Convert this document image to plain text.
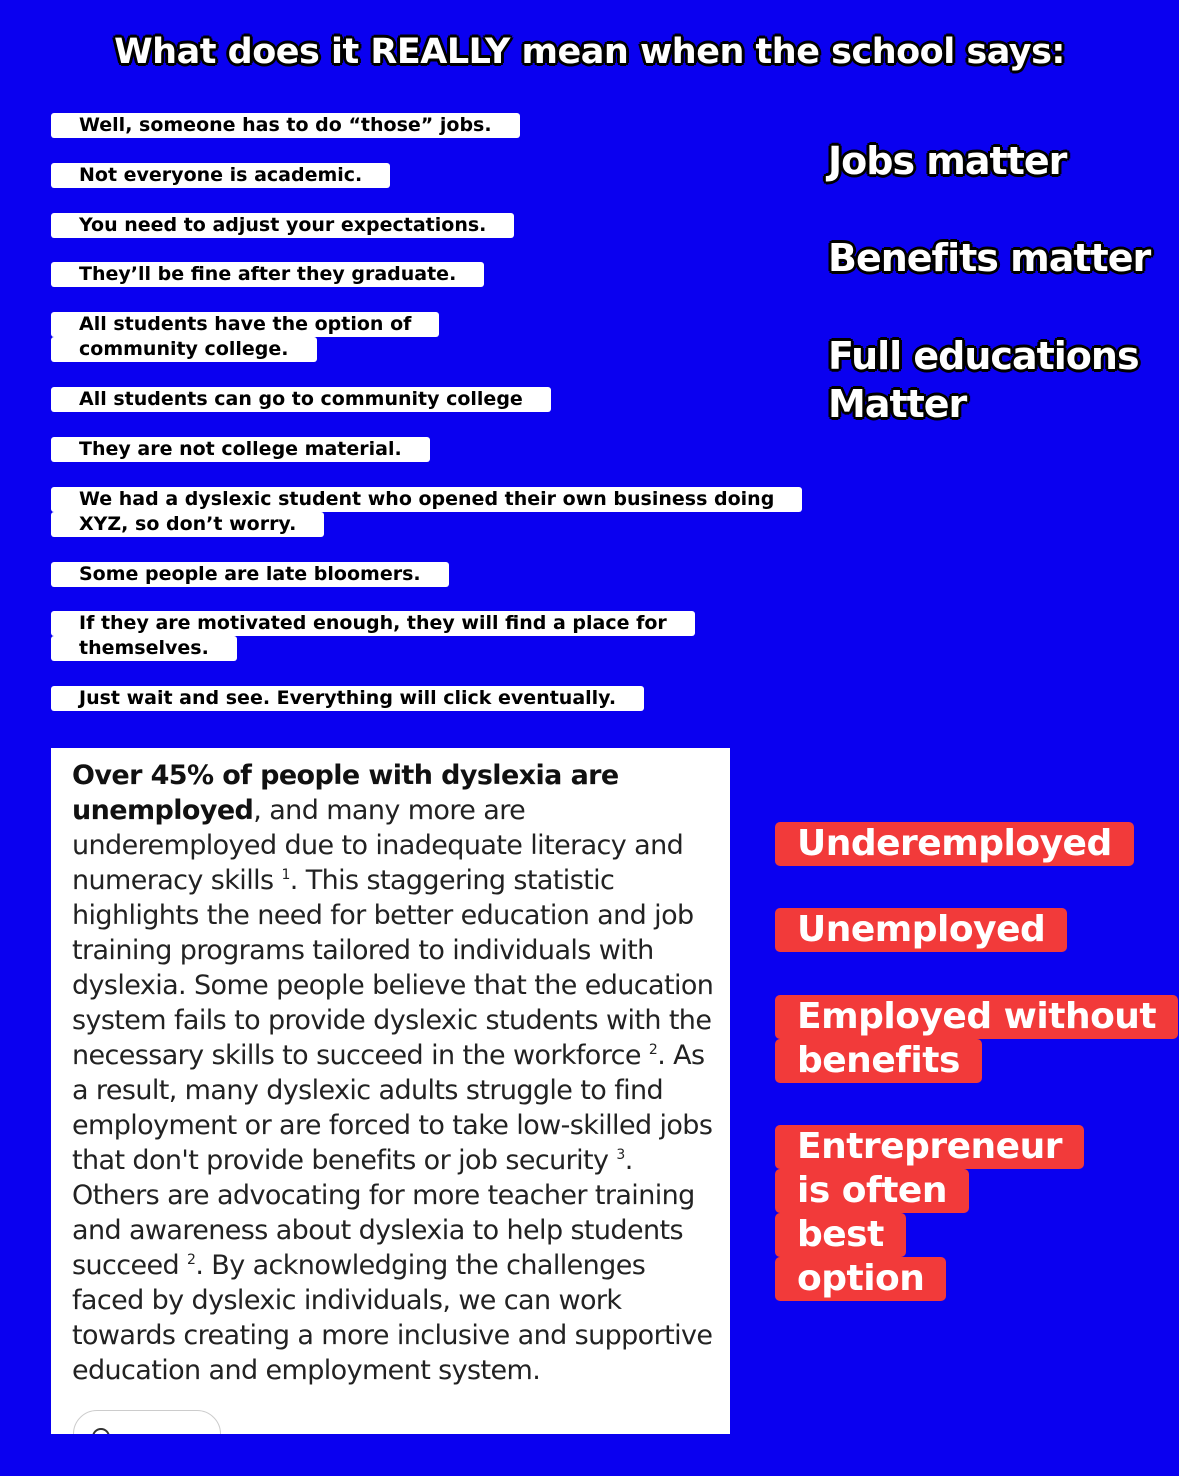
What does it REALLY mean when the school says:
Well, someone has to do “those” jobs.
Not everyone is academic.
You need to adjust your expectations.
They’ll be fine after they graduate.
All students have the option of
community college.
All students can go to community college
They are not college material.
We had a dyslexic student who opened their own business doing
XYZ, so don’t worry.
Some people are late bloomers.
If they are motivated enough, they will find a place for
themselves.
Just wait and see. Everything will click eventually.
Jobs matter
Benefits matter
Full educations
Matter

Over 45% of people with dyslexia are unemployed, and many more are underemployed due to inadequate literacy and numeracy skills $^1$. This staggering statistic highlights the need for better education and job training programs tailored to individuals with dyslexia. Some people believe that the education system fails to provide dyslexic students with the necessary skills to succeed in the workforce $^2$. As a result, many dyslexic adults struggle to find employment or are forced to take low-skilled jobs that don't provide benefits or job security $^3$. Others are advocating for more teacher training and awareness about dyslexia to help students succeed $^2$. By acknowledging the challenges faced by dyslexic individuals, we can work towards creating a more inclusive and supportive education and employment system.

Underemployed
Unemployed
Employed without
benefits
Entrepreneur
is often
best
option
